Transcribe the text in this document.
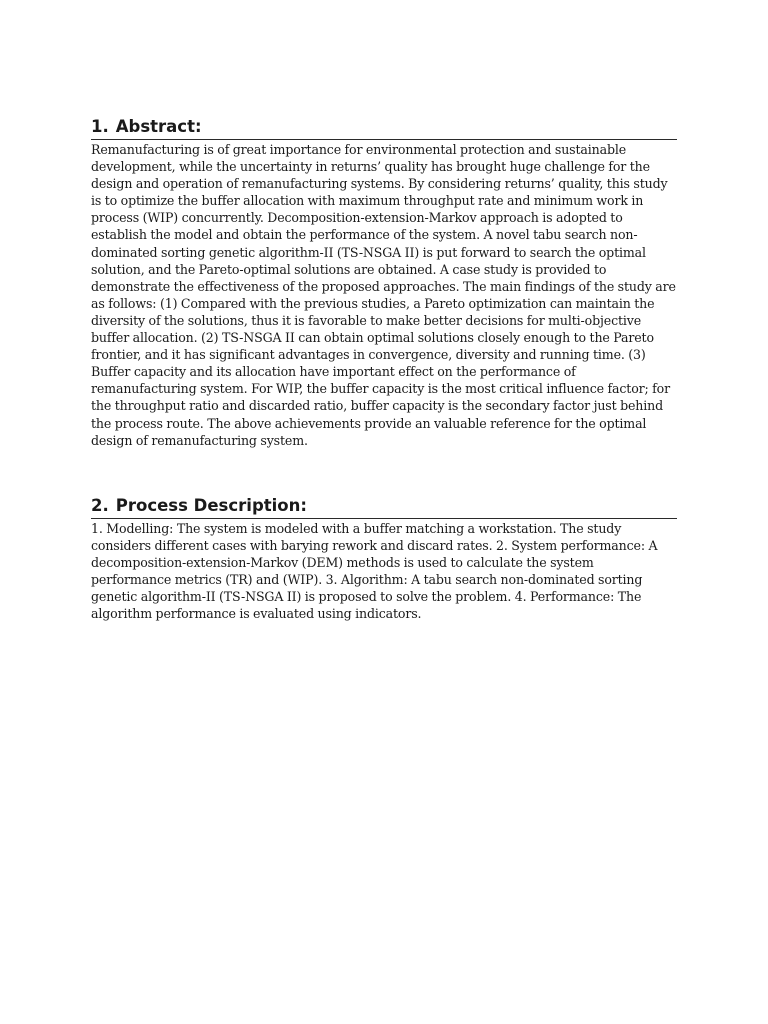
1. Abstract:

Remanufacturing is of great importance for environmental protection and sustainable development, while the uncertainty in returns’ quality has brought huge challenge for the design and operation of remanufacturing systems. By considering returns’ quality, this study is to optimize the buffer allocation with maximum throughput rate and minimum work in process (WIP) concurrently. Decomposition-extension-Markov approach is adopted to establish the model and obtain the performance of the system. A novel tabu search non-dominated sorting genetic algorithm-II (TS-NSGA II) is put forward to search the optimal solution, and the Pareto-optimal solutions are obtained. A case study is provided to demonstrate the effectiveness of the proposed approaches. The main findings of the study are as follows: (1) Compared with the previous studies, a Pareto optimization can maintain the diversity of the solutions, thus it is favorable to make better decisions for multi-objective buffer allocation. (2) TS-NSGA II can obtain optimal solutions closely enough to the Pareto frontier, and it has significant advantages in convergence, diversity and running time. (3) Buffer capacity and its allocation have important effect on the performance of remanufacturing system. For WIP, the buffer capacity is the most critical influence factor; for the throughput ratio and discarded ratio, buffer capacity is the secondary factor just behind the process route. The above achievements provide an valuable reference for the optimal design of remanufacturing system.

2. Process Description:

1. Modelling: The system is modeled with a buffer matching a workstation. The study considers different cases with barying rework and discard rates. 2. System performance: A decomposition-extension-Markov (DEM) methods is used to calculate the system performance metrics (TR) and (WIP). 3. Algorithm: A tabu search non-dominated sorting genetic algorithm-II (TS-NSGA II) is proposed to solve the problem. 4. Performance: The algorithm performance is evaluated using indicators.
